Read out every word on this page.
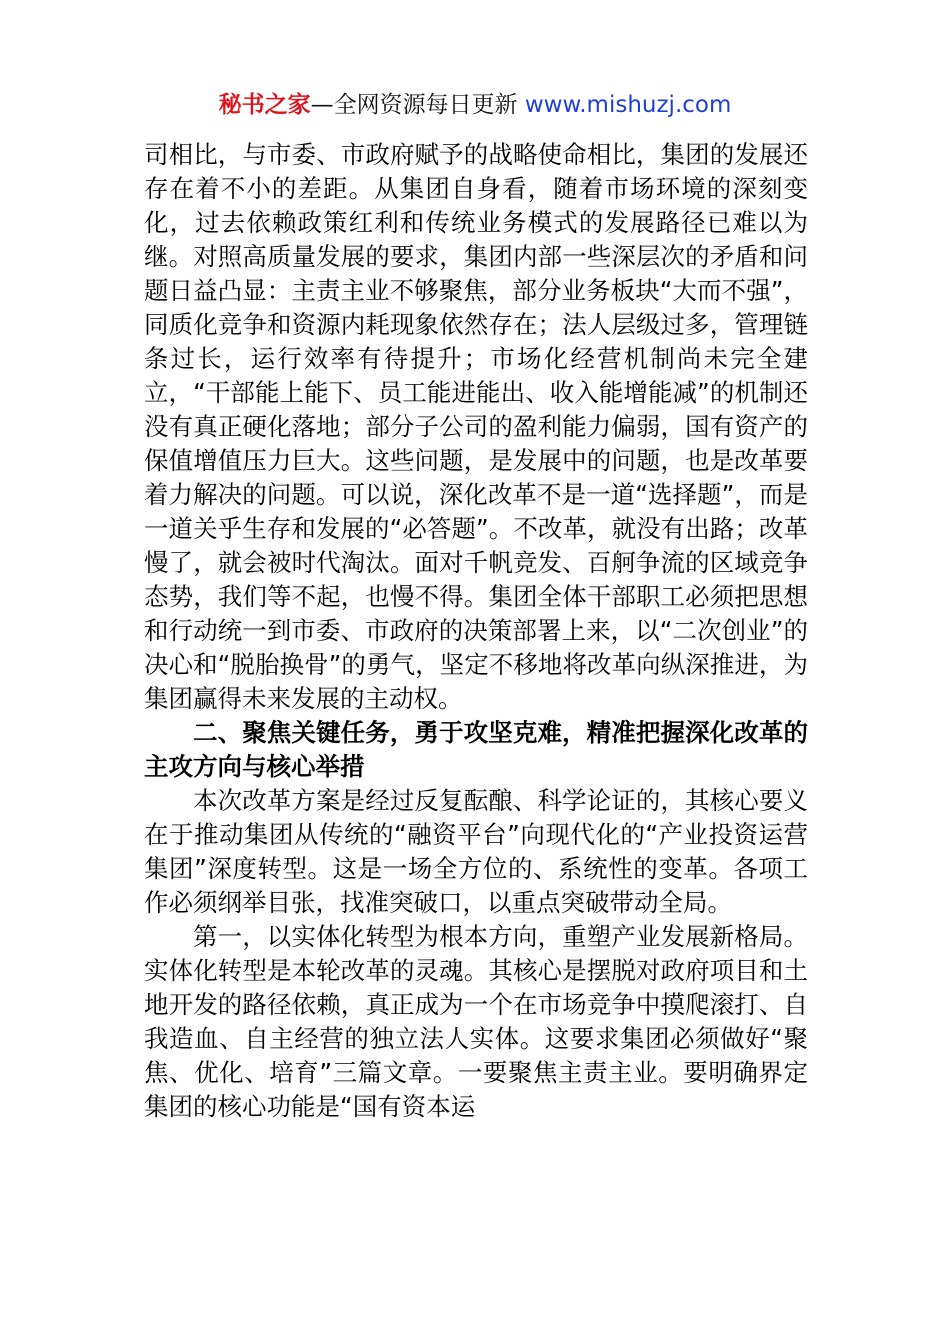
秘书之家—全网资源每日更新 www.mishuzj.com

司相比，与市委、市政府赋予的战略使命相比，集团的发展还存在着不小的差距。从集团自身看，随着市场环境的深刻变化，过去依赖政策红利和传统业务模式的发展路径已难以为继。对照高质量发展的要求，集团内部一些深层次的矛盾和问题日益凸显：主责主业不够聚焦，部分业务板块“大而不强”，同质化竞争和资源内耗现象依然存在；法人层级过多，管理链条过长，运行效率有待提升；市场化经营机制尚未完全建立，“干部能上能下、员工能进能出、收入能增能减”的机制还没有真正硬化落地；部分子公司的盈利能力偏弱，国有资产的保值增值压力巨大。这些问题，是发展中的问题，也是改革要着力解决的问题。可以说，深化改革不是一道“选择题”，而是一道关乎生存和发展的“必答题”。不改革，就没有出路；改革慢了，就会被时代淘汰。面对千帆竞发、百舸争流的区域竞争态势，我们等不起，也慢不得。集团全体干部职工必须把思想和行动统一到市委、市政府的决策部署上来，以“二次创业”的决心和“脱胎换骨”的勇气，坚定不移地将改革向纵深推进，为集团赢得未来发展的主动权。

二、聚焦关键任务，勇于攻坚克难，精准把握深化改革的主攻方向与核心举措

本次改革方案是经过反复酝酿、科学论证的，其核心要义在于推动集团从传统的“融资平台”向现代化的“产业投资运营集团”深度转型。这是一场全方位的、系统性的变革。各项工作必须纲举目张，找准突破口，以重点突破带动全局。

第一，以实体化转型为根本方向，重塑产业发展新格局。实体化转型是本轮改革的灵魂。其核心是摆脱对政府项目和土地开发的路径依赖，真正成为一个在市场竞争中摸爬滚打、自我造血、自主经营的独立法人实体。这要求集团必须做好“聚焦、优化、培育”三篇文章。一要聚焦主责主业。要明确界定集团的核心功能是“国有资本运
